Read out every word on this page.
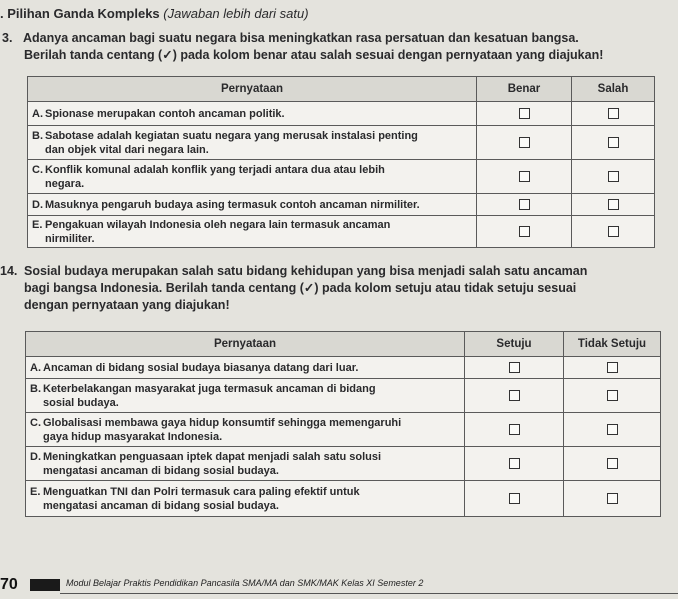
. Pilihan Ganda Kompleks (Jawaban lebih dari satu)
3. Adanya ancaman bagi suatu negara bisa meningkatkan rasa persatuan dan kesatuan bangsa.
Berilah tanda centang (✓) pada kolom benar atau salah sesuai dengan pernyataan yang diajukan!
Pernyataan	Benar	Salah
A. Spionase merupakan contoh ancaman politik.		
B. Sabotase adalah kegiatan suatu negara yang merusak instalasi penting
dan objek vital dari negara lain.		

C. Konflik komunal adalah konflik yang terjadi antara dua atau lebih
negara.		

D. Masuknya pengaruh budaya asing termasuk contoh ancaman nirmiliter.		
E. Pengakuan wilayah Indonesia oleh negara lain termasuk ancaman
nirmiliter.		

14. Sosial budaya merupakan salah satu bidang kehidupan yang bisa menjadi salah satu ancaman
bagi bangsa Indonesia. Berilah tanda centang (✓) pada kolom setuju atau tidak setuju sesuai
dengan pernyataan yang diajukan!
Pernyataan	Setuju	Tidak Setuju
A. Ancaman di bidang sosial budaya biasanya datang dari luar.		
B. Keterbelakangan masyarakat juga termasuk ancaman di bidang
sosial budaya.		

C. Globalisasi membawa gaya hidup konsumtif sehingga memengaruhi
gaya hidup masyarakat Indonesia.		

D. Meningkatkan penguasaan iptek dapat menjadi salah satu solusi
mengatasi ancaman di bidang sosial budaya.		

E. Menguatkan TNI dan Polri termasuk cara paling efektif untuk
mengatasi ancaman di bidang sosial budaya.		

70	Modul Belajar Praktis Pendidikan Pancasila SMA/MA dan SMK/MAK Kelas XI Semester 2
